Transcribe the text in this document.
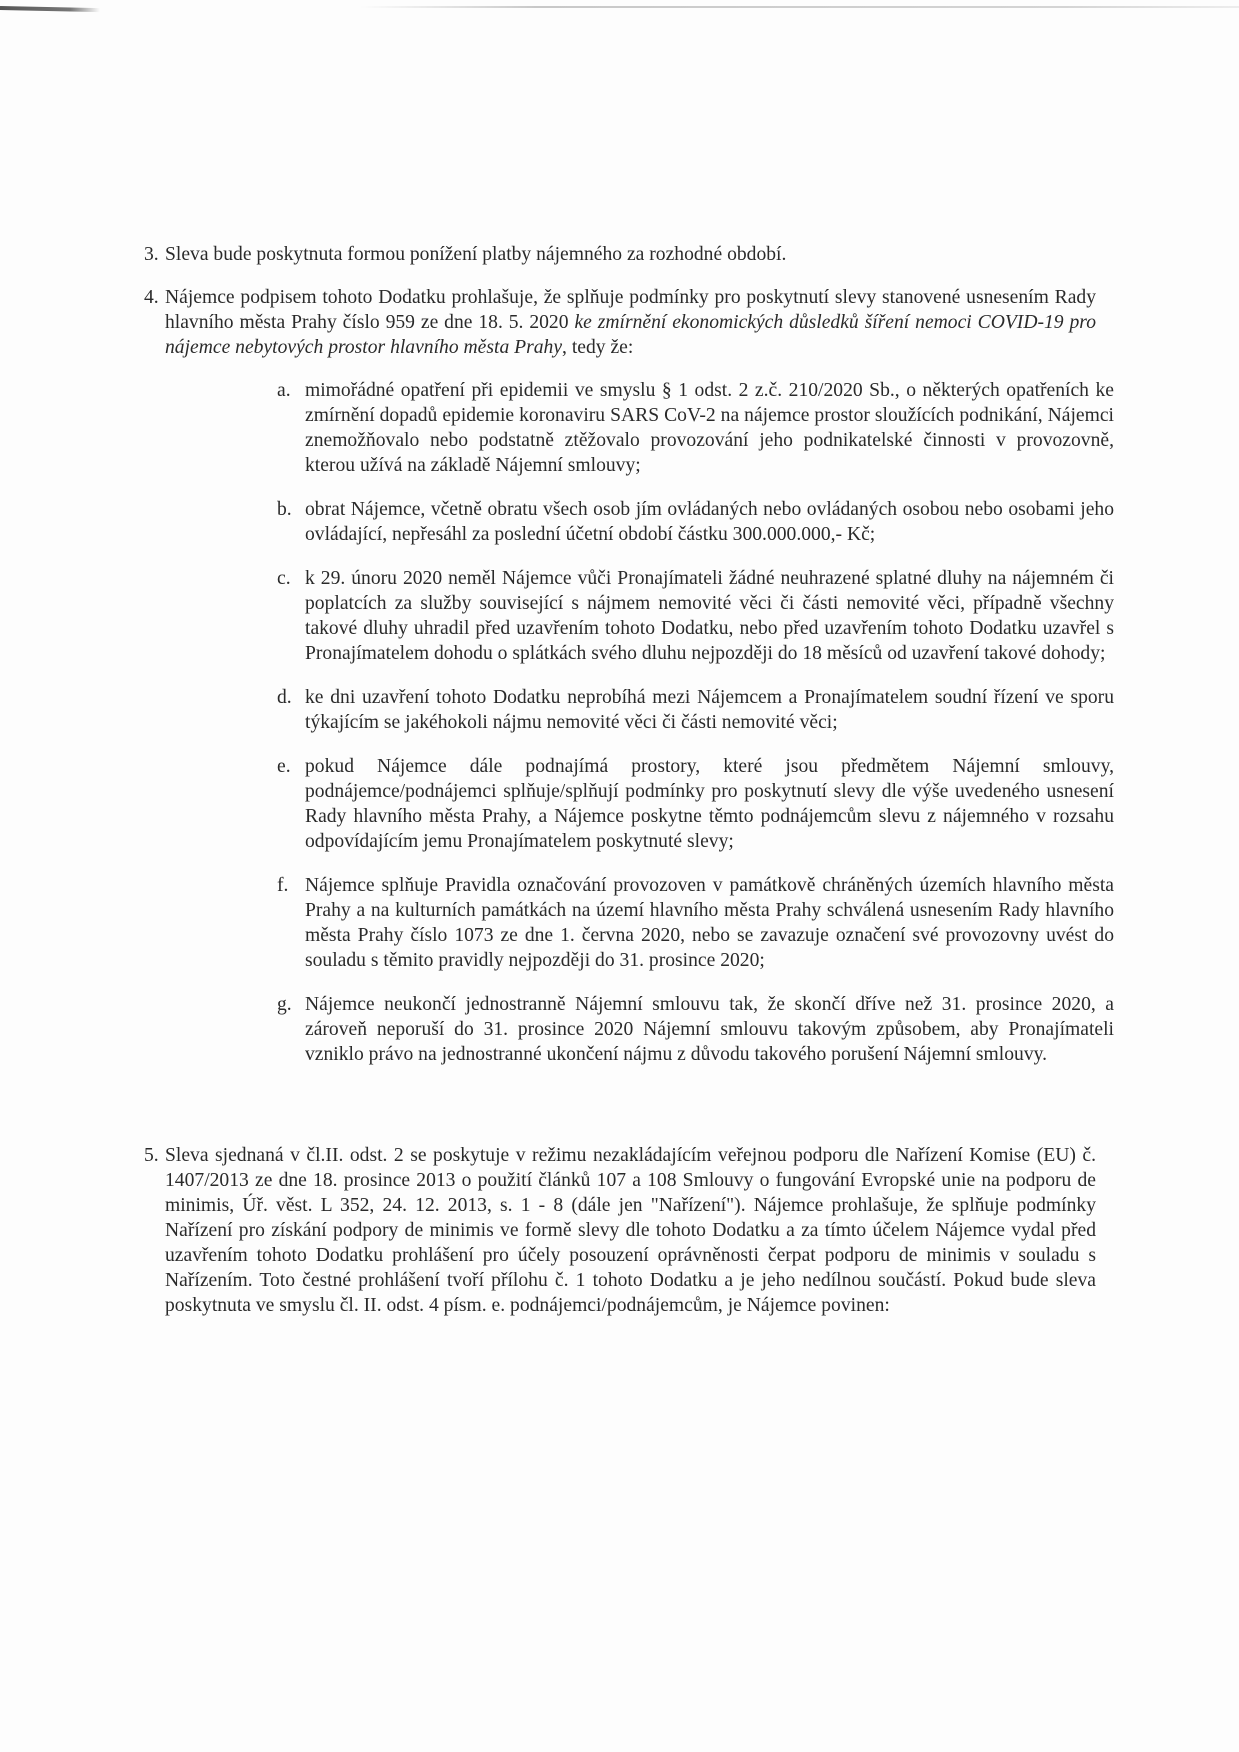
3. Sleva bude poskytnuta formou ponížení platby nájemného za rozhodné období.
4. Nájemce podpisem tohoto Dodatku prohlašuje, že splňuje podmínky pro poskytnutí slevy stanovené usnesením Rady hlavního města Prahy číslo 959 ze dne 18. 5. 2020 ke zmírnění ekonomických důsledků šíření nemoci COVID-19 pro nájemce nebytových prostor hlavního města Prahy, tedy že:
a. mimořádné opatření při epidemii ve smyslu § 1 odst. 2 z.č. 210/2020 Sb., o některých opatřeních ke zmírnění dopadů epidemie koronaviru SARS CoV-2 na nájemce prostor sloužících podnikání, Nájemci znemožňovalo nebo podstatně ztěžovalo provozování jeho podnikatelské činnosti v provozovně, kterou užívá na základě Nájemní smlouvy;
b. obrat Nájemce, včetně obratu všech osob jím ovládaných nebo ovládaných osobou nebo osobami jeho ovládající, nepřesáhl za poslední účetní období částku 300.000.000,- Kč;
c. k 29. únoru 2020 neměl Nájemce vůči Pronajímateli žádné neuhrazené splatné dluhy na nájemném či poplatcích za služby související s nájmem nemovité věci či části nemovité věci, případně všechny takové dluhy uhradil před uzavřením tohoto Dodatku, nebo před uzavřením tohoto Dodatku uzavřel s Pronajímatelem dohodu o splátkách svého dluhu nejpozději do 18 měsíců od uzavření takové dohody;
d. ke dni uzavření tohoto Dodatku neprobíhá mezi Nájemcem a Pronajímatelem soudní řízení ve sporu týkajícím se jakéhokoli nájmu nemovité věci či části nemovité věci;
e. pokud Nájemce dále podnajímá prostory, které jsou předmětem Nájemní smlouvy, podnájemce/podnájemci splňuje/splňují podmínky pro poskytnutí slevy dle výše uvedeného usnesení Rady hlavního města Prahy, a Nájemce poskytne těmto podnájemcům slevu z nájemného v rozsahu odpovídajícím jemu Pronajímatelem poskytnuté slevy;
f. Nájemce splňuje Pravidla označování provozoven v památkově chráněných územích hlavního města Prahy a na kulturních památkách na území hlavního města Prahy schválená usnesením Rady hlavního města Prahy číslo 1073 ze dne 1. června 2020, nebo se zavazuje označení své provozovny uvést do souladu s těmito pravidly nejpozději do 31. prosince 2020;
g. Nájemce neukončí jednostranně Nájemní smlouvu tak, že skončí dříve než 31. prosince 2020, a zároveň neporuší do 31. prosince 2020 Nájemní smlouvu takovým způsobem, aby Pronajímateli vzniklo právo na jednostranné ukončení nájmu z důvodu takového porušení Nájemní smlouvy.
5. Sleva sjednaná v čl.II. odst. 2 se poskytuje v režimu nezakládajícím veřejnou podporu dle Nařízení Komise (EU) č. 1407/2013 ze dne 18. prosince 2013 o použití článků 107 a 108 Smlouvy o fungování Evropské unie na podporu de minimis, Úř. věst. L 352, 24. 12. 2013, s. 1 - 8 (dále jen "Nařízení"). Nájemce prohlašuje, že splňuje podmínky Nařízení pro získání podpory de minimis ve formě slevy dle tohoto Dodatku a za tímto účelem Nájemce vydal před uzavřením tohoto Dodatku prohlášení pro účely posouzení oprávněnosti čerpat podporu de minimis v souladu s Nařízením. Toto čestné prohlášení tvoří přílohu č. 1 tohoto Dodatku a je jeho nedílnou součástí. Pokud bude sleva poskytnuta ve smyslu čl. II. odst. 4 písm. e. podnájemci/podnájemcům, je Nájemce povinen:
